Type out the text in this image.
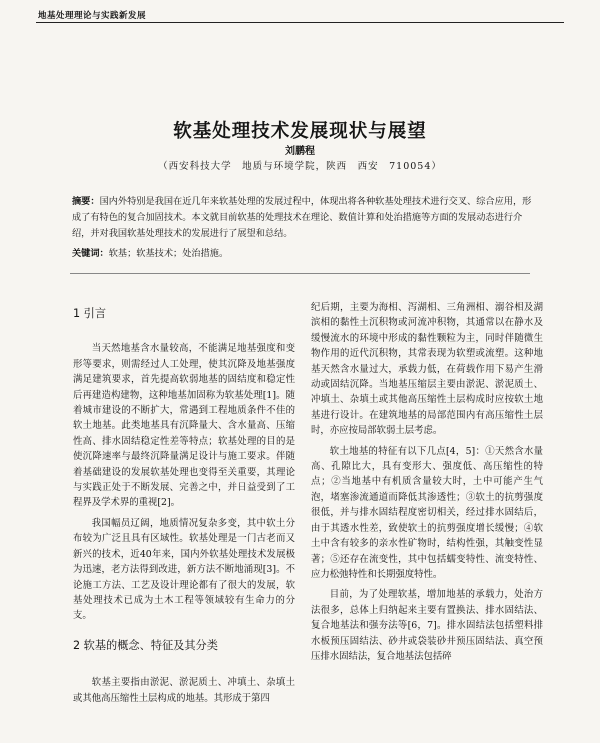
地基处理理论与实践新发展
软基处理技术发展现状与展望
刘鹏程
（西安科技大学　地质与环境学院，陕西　西安　710054）
摘要：国内外特别是我国在近几年来软基处理的发展过程中，体现出将各种软基处理技术进行交叉、综合应用，形成了有特色的复合加固技术。本文就目前软基的处理技术在理论、数值计算和处治措施等方面的发展动态进行介绍，并对我国软基处理技术的发展进行了展望和总结。
关键词：软基；软基技术；处治措施。
1 引言

当天然地基含水量较高，不能满足地基强度和变形等要求，则需经过人工处理，使其沉降及地基强度满足建筑要求，首先提高软弱地基的固结度和稳定性后再建造构建物，这种地基加固称为软基处理[1]。随着城市建设的不断扩大，常遇到工程地质条件不佳的软土地基。此类地基具有沉降量大、含水量高、压缩性高、排水固结稳定性差等特点；软基处理的目的是使沉降速率与最终沉降量满足设计与施工要求。伴随着基础建设的发展软基处理也变得至关重要，其理论与实践正处于不断发展、完善之中，并日益受到了工程界及学术界的重视[2]。

我国幅员辽阔，地质情况复杂多变，其中软土分布较为广泛且具有区域性。软基处理是一门古老而又新兴的技术，近40年来，国内外软基处理技术发展极为迅速，老方法得到改进，新方法不断地涌现[3]。不论施工方法、工艺及设计理论都有了很大的发展，软基处理技术已成为土木工程等领域较有生命力的分支。

2 软基的概念、特征及其分类

软基主要指由淤泥、淤泥质土、冲填土、杂填土或其他高压缩性土层构成的地基。其形成于第四

纪后期，主要为海相、泻湖相、三角洲相、溺谷相及湖滨相的黏性土沉积物或河流冲积物，其通常以在静水及缓慢流水的环境中形成的黏性颗粒为主，同时伴随微生物作用的近代沉积物，其常表现为软塑或流塑。这种地基天然含水量过大，承载力低，在荷载作用下易产生滑动或固结沉降。当地基压缩层主要由淤泥、淤泥质土、冲填土、杂填土或其他高压缩性土层构成时应按软土地基进行设计。在建筑地基的局部范围内有高压缩性土层时，亦应按局部软弱土层考虑。

软土地基的特征有以下几点[4，5]：①天然含水量高、孔隙比大，具有变形大、强度低、高压缩性的特点；②当地基中有机质含量较大时，土中可能产生气泡，堵塞渗流通道而降低其渗透性；③软土的抗剪强度很低，并与排水固结程度密切相关，经过排水固结后，由于其透水性差，致使软土的抗剪强度增长缓慢；④软土中含有较多的亲水性矿物时，结构性强，其触变性显著；⑤还存在流变性，其中包括蠕变特性、流变特性、应力松弛特性和长期强度特性。

目前，为了处理软基，增加地基的承载力，处治方法很多，总体上归纳起来主要有置换法、排水固结法、复合地基法和强夯法等[6，7]。排水固结法包括塑料排水板预压固结法、砂井或袋装砂井预压固结法、真空预压排水固结法，复合地基法包括碎
